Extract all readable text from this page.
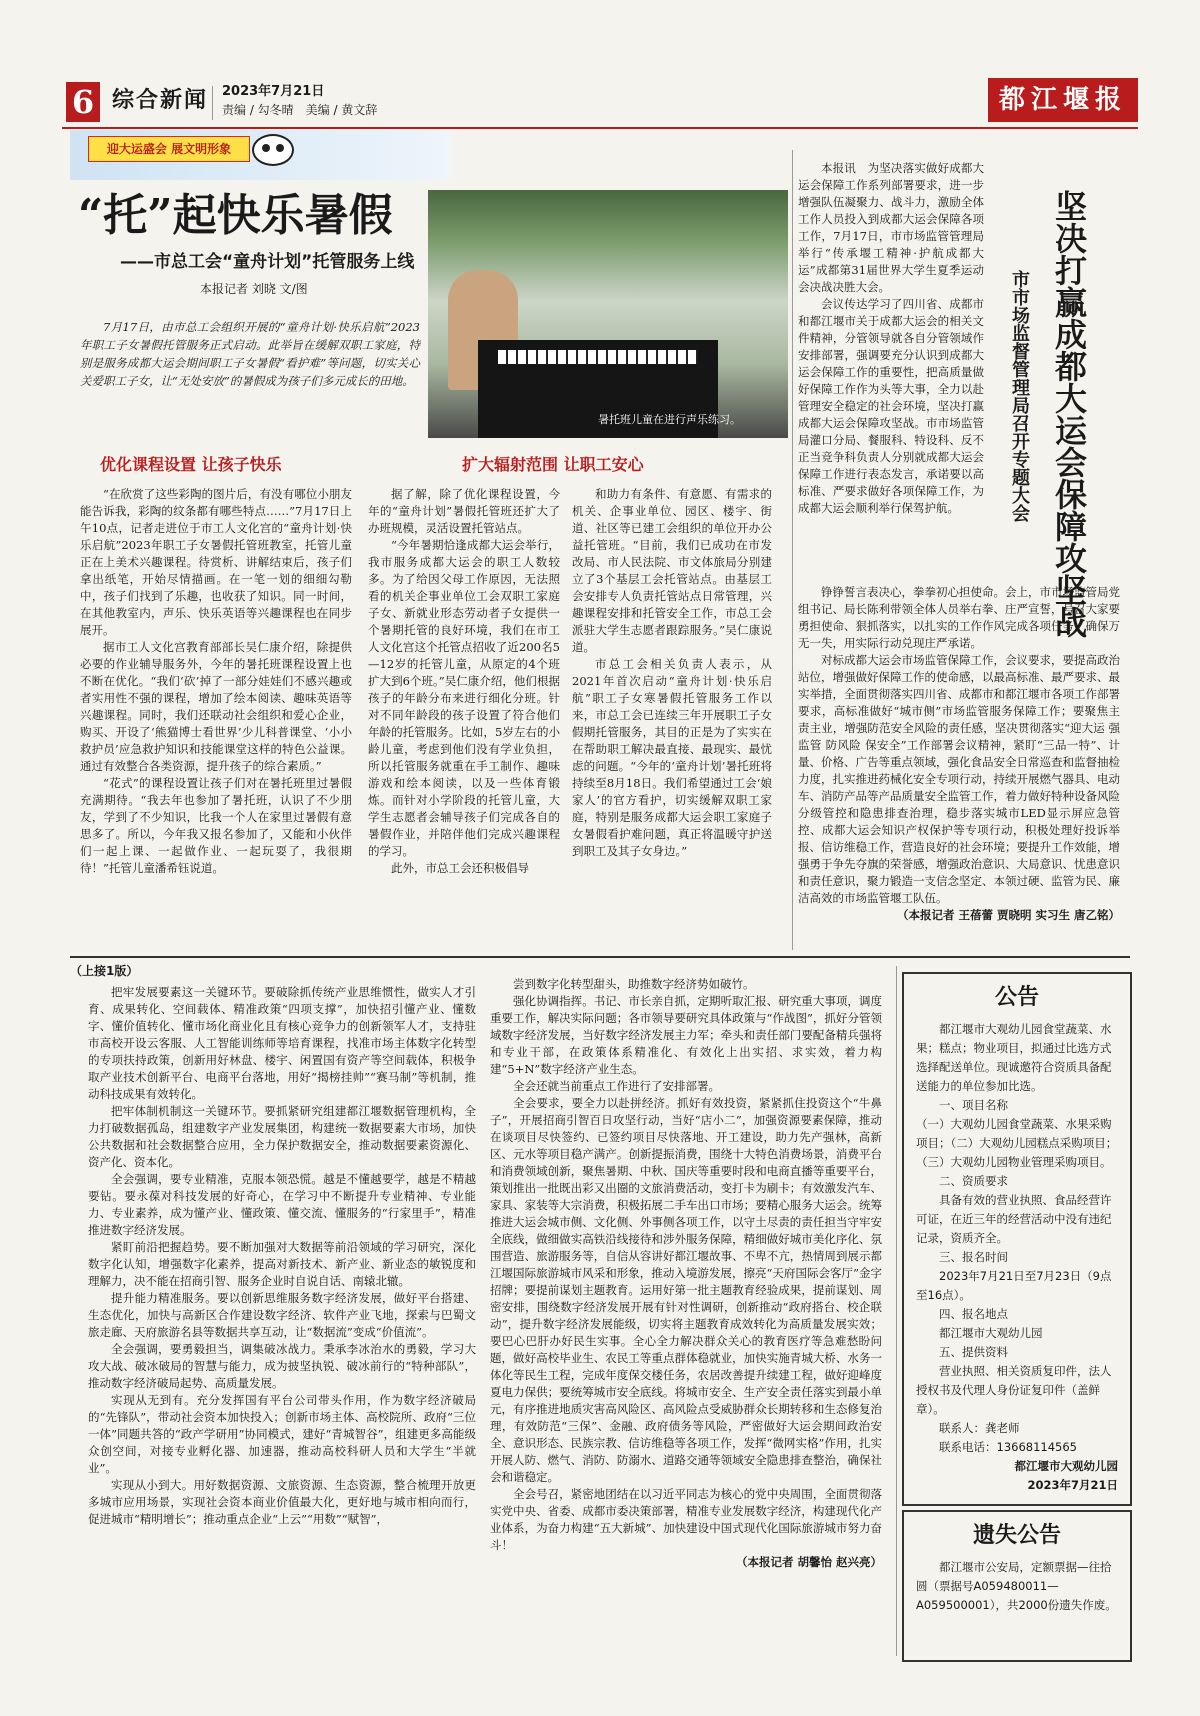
6 综合新闻 2023年7月21日
责编 / 勾冬晴　美编 / 黄文辞	都江堰报
迎大运盛会 展文明形象
“托”起快乐暑假
——市总工会“童舟计划”托管服务上线
本报记者 刘晓 文/图

7月17日，由市总工会组织开展的“童舟计划·快乐启航”2023年职工子女暑假托管服务正式启动。此举旨在缓解双职工家庭，特别是服务成都大运会期间职工子女暑假“看护难”等问题，切实关心关爱职工子女，让“无处安放”的暑假成为孩子们多元成长的田地。

暑托班儿童在进行声乐练习。
优化课程设置 让孩子快乐	扩大辐射范围 让职工安心

“在欣赏了这些彩陶的图片后，有没有哪位小朋友能告诉我，彩陶的纹条都有哪些特点……”7月17日上午10点，记者走进位于市工人文化宫的“童舟计划·快乐启航”2023年职工子女暑假托管班教室，托管儿童正在上美术兴趣课程。待赏析、讲解结束后，孩子们拿出纸笔，开始尽情描画。在一笔一划的细细勾勒中，孩子们找到了乐趣，也收获了知识。同一时间，在其他教室内，声乐、快乐英语等兴趣课程也在同步展开。

据市工人文化宫教育部部长吴仁康介绍，除提供必要的作业辅导服务外，今年的暑托班课程设置上也不断在优化。“我们‘砍’掉了一部分娃娃们不感兴趣或者实用性不强的课程，增加了绘本阅读、趣味英语等兴趣课程。同时，我们还联动社会组织和爱心企业，购买、开设了‘熊猫博士看世界’少儿科普课堂、‘小小救护员’应急救护知识和技能课堂这样的特色公益课。通过有效整合各类资源，提升孩子的综合素质。”

“花式”的课程设置让孩子们对在暑托班里过暑假充满期待。“我去年也参加了暑托班，认识了不少朋友，学到了不少知识，比我一个人在家里过暑假有意思多了。所以，今年我又报名参加了，又能和小伙伴们一起上课、一起做作业、一起玩耍了，我很期待！”托管儿童潘希钰说道。

据了解，除了优化课程设置，今年的“童舟计划”暑假托管班还扩大了办班规模，灵活设置托管站点。

“今年暑期恰逢成都大运会举行，我市服务成都大运会的职工人数较多。为了给因父母工作原因，无法照看的机关企事业单位工会双职工家庭子女、新就业形态劳动者子女提供一个暑期托管的良好环境，我们在市工人文化宫这个托管点招收了近200名5—12岁的托管儿童，从原定的4个班扩大到6个班。”吴仁康介绍，他们根据孩子的年龄分布来进行细化分班。针对不同年龄段的孩子设置了符合他们年龄的托管服务。比如，5岁左右的小龄儿童，考虑到他们没有学业负担，所以托管服务就重在手工制作、趣味游戏和绘本阅读，以及一些体育锻炼。而针对小学阶段的托管儿童，大学生志愿者会辅导孩子们完成各自的暑假作业，并陪伴他们完成兴趣课程的学习。

此外，市总工会还积极倡导

和助力有条件、有意愿、有需求的机关、企事业单位、园区、楼宇、街道、社区等已建工会组织的单位开办公益托管班。“目前，我们已成功在市发改局、市人民法院、市文体旅局分别建立了3个基层工会托管站点。由基层工会安排专人负责托管站点日常管理，兴趣课程安排和托管安全工作，市总工会派驻大学生志愿者跟踪服务。”吴仁康说道。

市总工会相关负责人表示，从2021年首次启动“童舟计划·快乐启航”职工子女寒暑假托管服务工作以来，市总工会已连续三年开展职工子女假期托管服务，其目的正是为了实实在在帮助职工解决最直接、最现实、最忧虑的问题。“今年的‘童舟计划’暑托班将持续至8月18日。我们希望通过工会‘娘家人’的官方看护，切实缓解双职工家庭，特别是服务成都大运会职工家庭子女暑假看护难问题，真正将温暖守护送到职工及其子女身边。”

坚决打赢成都大运会保障攻坚战
市市场监督管理局召开专题大会

本报讯　为坚决落实做好成都大运会保障工作系列部署要求，进一步增强队伍凝聚力、战斗力，激励全体工作人员投入到成都大运会保障各项工作，7月17日，市市场监管管理局举行“传承堰工精神·护航成都大运”成都第31届世界大学生夏季运动会决战决胜大会。

会议传达学习了四川省、成都市和都江堰市关于成都大运会的相关文件精神，分管领导就各自分管领域作安排部署，强调要充分认识到成都大运会保障工作的重要性，把高质量做好保障工作作为头等大事，全力以赴管理安全稳定的社会环境，坚决打赢成都大运会保障攻坚战。市市场监管局灌口分局、餐服科、特设科、反不正当竞争科负责人分别就成都大运会保障工作进行表态发言，承诺要以高标准、严要求做好各项保障工作，为成都大运会顺利举行保驾护航。

铮铮誓言表决心，拳拳初心担使命。会上，市市场监管局党组书记、局长陈利带领全体人员举右拳、庄严宣誓，号召大家要勇担使命、狠抓落实，以扎实的工作作风完成各项任务，确保万无一失，用实际行动兑现庄严承诺。

对标成都大运会市场监管保障工作，会议要求，要提高政治站位，增强做好保障工作的使命感，以最高标准、最严要求、最实举措，全面贯彻落实四川省、成都市和都江堰市各项工作部署要求，高标准做好“城市侧”市场监管服务保障工作；要聚焦主责主业，增强防范安全风险的责任感，坚决贯彻落实“迎大运 强监管 防风险 保安全”工作部署会议精神，紧盯“三品一特”、计量、价格、广告等重点领域，强化食品安全日常巡查和监督抽检力度，扎实推进药械化安全专项行动，持续开展燃气器具、电动车、消防产品等产品质量安全监管工作，着力做好特种设备风险分级管控和隐患排查治理，稳步落实城市LED显示屏应急管控、成都大运会知识产权保护等专项行动，积极处理好投诉举报、信访维稳工作，营造良好的社会环境；要提升工作效能，增强勇于争先夺旗的荣誉感，增强政治意识、大局意识、忧患意识和责任意识，聚力锻造一支信念坚定、本领过硬、监管为民、廉洁高效的市场监管堰工队伍。

（本报记者 王蓓蕾 贾晓明 实习生 唐乙铭）

（上接1版）

把牢发展要素这一关键环节。要破除抓传统产业思维惯性，做实人才引育、成果转化、空间载体、精准政策“四项支撑”，加快招引懂产业、懂数字、懂价值转化、懂市场化商业化且有核心竞争力的创新领军人才，支持驻市高校开设云客服、人工智能训练师等培育课程，找准市场主体数字化转型的专项扶持政策，创新用好林盘、楼宇、闲置国有资产等空间载体，积极争取产业技术创新平台、电商平台落地，用好“揭榜挂帅”“赛马制”等机制，推动科技成果有效转化。

把牢体制机制这一关键环节。要抓紧研究组建都江堰数据管理机构，全力打破数据孤岛，组建数字产业发展集团，构建统一数据要素大市场，加快公共数据和社会数据整合应用，全力保护数据安全，推动数据要素资源化、资产化、资本化。

全会强调，要专业精准，克服本领恐慌。越是不懂越要学，越是不精越要钻。要永葆对科技发展的好奇心，在学习中不断提升专业精神、专业能力、专业素养，成为懂产业、懂政策、懂交流、懂服务的“行家里手”，精准推进数字经济发展。

紧盯前沿把握趋势。要不断加强对大数据等前沿领域的学习研究，深化数字化认知，增强数字化素养，提高对新技术、新产业、新业态的敏锐度和理解力，决不能在招商引智、服务企业时自说自话、南辕北辙。

提升能力精准服务。要以创新思维服务数字经济发展，做好平台搭建、生态优化，加快与高新区合作建设数字经济、软件产业飞地，探索与巴蜀文旅走廊、天府旅游名县等数据共享互动，让“数据流”变成“价值流”。

全会强调，要勇毅担当，调集破冰战力。秉承李冰治水的勇毅，学习大攻大战、破冰破局的智慧与能力，成为披坚执锐、破冰前行的“特种部队”，推动数字经济破局起势、高质量发展。

实现从无到有。充分发挥国有平台公司带头作用，作为数字经济破局的“先锋队”，带动社会资本加快投入；创新市场主体、高校院所、政府“三位一体”同题共答的“政产学研用”协同模式，建好“青城智谷”，组建更多高能级众创空间，对接专业孵化器、加速器，推动高校科研人员和大学生“半就业”。

实现从小到大。用好数据资源、文旅资源、生态资源，整合梳理开放更多城市应用场景，实现社会资本商业价值最大化，更好地与城市相向而行，促进城市“精明增长”；推动重点企业“上云”“用数”“赋智”，

尝到数字化转型甜头，助推数字经济势如破竹。

强化协调指挥。书记、市长亲自抓，定期听取汇报、研究重大事项，调度重要工作，解决实际问题；各市领导要研究具体政策与“作战图”，抓好分管领域数字经济发展，当好数字经济发展主力军；牵头和责任部门要配备精兵强将和专业干部，在政策体系精准化、有效化上出实招、求实效，着力构建“5+N”数字经济产业生态。

全会还就当前重点工作进行了安排部署。

全会要求，要全力以赴拼经济。抓好有效投资，紧紧抓住投资这个“牛鼻子”，开展招商引智百日攻坚行动，当好“店小二”，加强资源要素保障，推动在谈项目尽快签约、已签约项目尽快落地、开工建设，助力先产强林，高新区、元水等项目稳产满产。创新提振消费，围绕十大特色消费场景，消费平台和消费领域创新，聚焦暑期、中秋、国庆等重要时段和电商直播等重要平台，策划推出一批既出彩又出圈的文旅消费活动，变打卡为刷卡；有效激发汽车、家具、家装等大宗消费，积极拓展二手车出口市场；要精心服务大运会。统筹推进大运会城市侧、文化侧、外事侧各项工作，以守土尽责的责任担当守牢安全底线，做细做实高铁沿线接待和涉外服务保障，精细做好城市美化序化、氛围营造、旅游服务等，自信从容讲好都江堰故事、不卑不亢，热情周到展示都江堰国际旅游城市风采和形象，推动入境游发展，擦亮“天府国际会客厅”金字招牌；要提前谋划主题教育。运用好第一批主题教育经验成果，提前谋划、周密安排，围绕数字经济发展开展有针对性调研，创新推动“政府搭台、校企联动”，提升数字经济发展能级，切实将主题教育成效转化为高质量发展实效；要巴心巴肝办好民生实事。全心全力解决群众关心的教育医疗等急难愁盼问题，做好高校毕业生、农民工等重点群体稳就业，加快实施青城大桥、水务一体化等民生工程，完成年度保交楼任务，农居改善提升续建工程，做好迎峰度夏电力保供；要统筹城市安全底线。将城市安全、生产安全责任落实到最小单元，有序推进地质灾害高风险区、高风险点受威胁群众长期转移和生态修复治理，有效防范“三保”、金融、政府债务等风险，严密做好大运会期间政治安全、意识形态、民族宗教、信访维稳等各项工作，发挥“微网实格”作用，扎实开展人防、燃气、消防、防溺水、道路交通等领域安全隐患排查整治，确保社会和谐稳定。

全会号召，紧密地团结在以习近平同志为核心的党中央周围，全面贯彻落实党中央、省委、成都市委决策部署，精准专业发展数字经济，构建现代化产业体系，为奋力构建“五大新城”、加快建设中国式现代化国际旅游城市努力奋斗！

（本报记者 胡馨怡 赵兴亮）

公告

都江堰市大观幼儿园食堂蔬菜、水果；糕点；物业项目，拟通过比选方式选择配送单位。现诚邀符合资质具备配送能力的单位参加比选。

一、项目名称

（一）大观幼儿园食堂蔬菜、水果采购项目；（二）大观幼儿园糕点采购项目；（三）大观幼儿园物业管理采购项目。

二、资质要求

具备有效的营业执照、食品经营许可证，在近三年的经营活动中没有违纪记录，资质齐全。

三、报名时间

2023年7月21日至7月23日（9点至16点）。

四、报名地点

都江堰市大观幼儿园

五、提供资料

营业执照、相关资质复印件，法人授权书及代理人身份证复印件（盖鲜章）。

联系人：龚老师

联系电话：13668114565

都江堰市大观幼儿园

2023年7月21日

遗失公告

都江堰市公安局，定额票据—往拾圆（票据号A059480011—A059500001），共2000份遗失作废。
